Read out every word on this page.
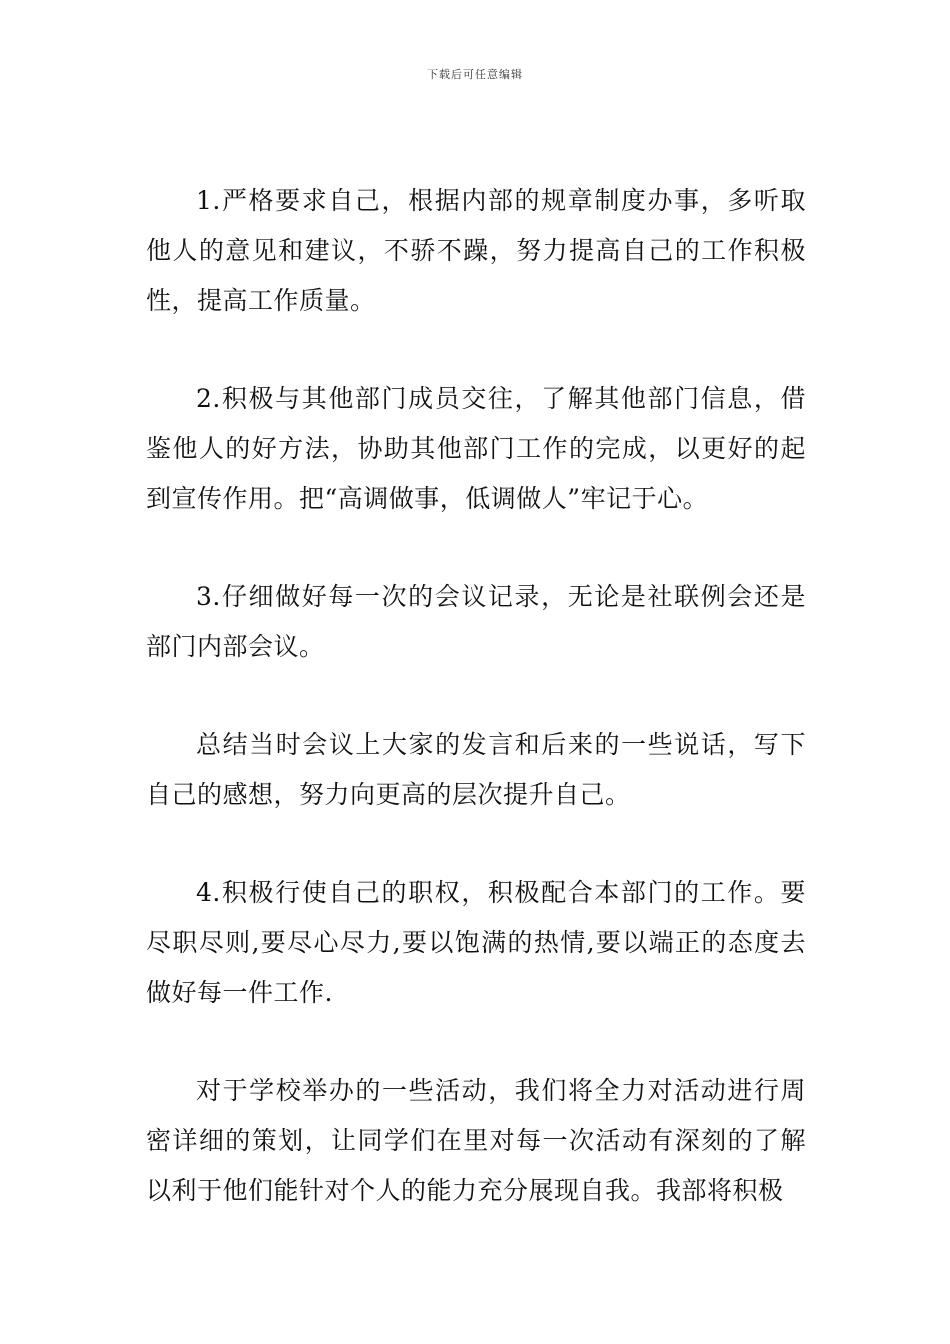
下载后可任意编辑

1.严格要求自己，根据内部的规章制度办事，多听取他人的意见和建议，不骄不躁，努力提高自己的工作积极性，提高工作质量。

2.积极与其他部门成员交往，了解其他部门信息，借鉴他人的好方法，协助其他部门工作的完成，以更好的起到宣传作用。把“高调做事，低调做人”牢记于心。

3.仔细做好每一次的会议记录，无论是社联例会还是部门内部会议。

总结当时会议上大家的发言和后来的一些说话，写下自己的感想，努力向更高的层次提升自己。

4.积极行使自己的职权，积极配合本部门的工作。要尽职尽则,要尽心尽力,要以饱满的热情,要以端正的态度去做好每一件工作.

对于学校举办的一些活动，我们将全力对活动进行周密详细的策划，让同学们在里对每一次活动有深刻的了解以利于他们能针对个人的能力充分展现自我。我部将积极
